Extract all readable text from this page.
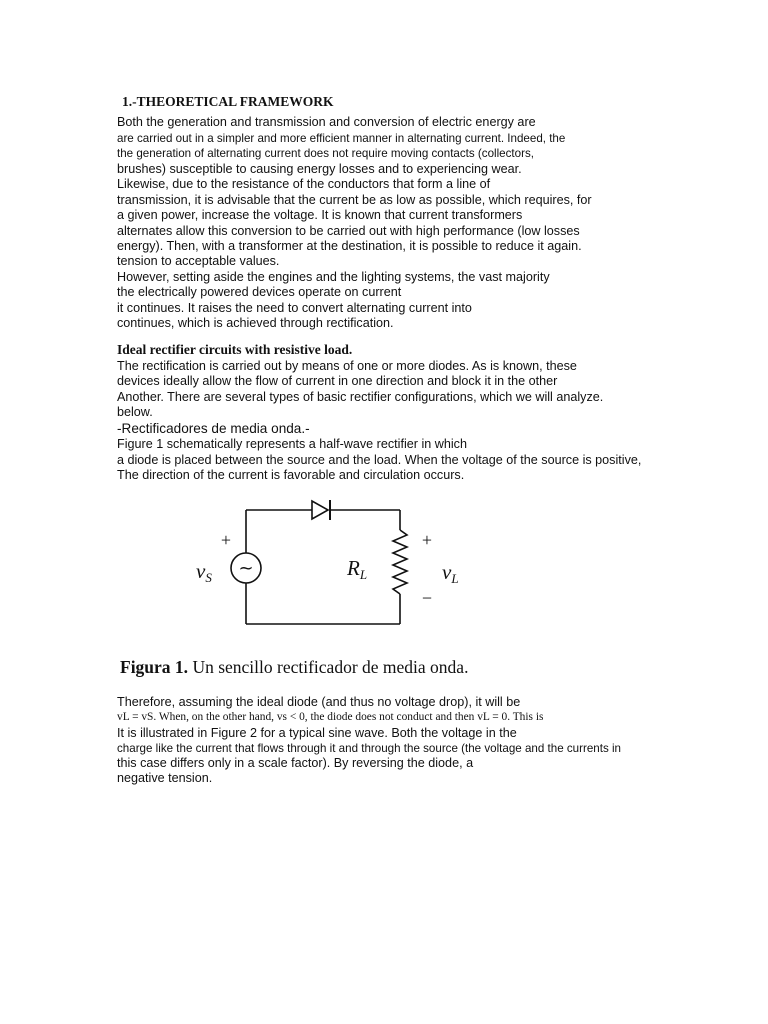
1.-THEORETICAL FRAMEWORK
Both the generation and transmission and conversion of electric energy are
are carried out in a simpler and more efficient manner in alternating current. Indeed, the
the generation of alternating current does not require moving contacts (collectors,
brushes) susceptible to causing energy losses and to experiencing wear.
Likewise, due to the resistance of the conductors that form a line of
transmission, it is advisable that the current be as low as possible, which requires, for
a given power, increase the voltage. It is known that current transformers
alternates allow this conversion to be carried out with high performance (low losses
energy). Then, with a transformer at the destination, it is possible to reduce it again.
tension to acceptable values.
However, setting aside the engines and the lighting systems, the vast majority
the electrically powered devices operate on current
it continues. It raises the need to convert alternating current into
continues, which is achieved through rectification.
Ideal rectifier circuits with resistive load.
The rectification is carried out by means of one or more diodes. As is known, these
devices ideally allow the flow of current in one direction and block it in the other
Another. There are several types of basic rectifier configurations, which we will analyze.
below.
-Rectificadores de media onda.-
Figure 1 schematically represents a half-wave rectifier in which
a diode is placed between the source and the load. When the voltage of the source is positive,
The direction of the current is favorable and circulation occurs.
~
+
vS	RL
+
vL
−
Figura 1. Un sencillo rectificador de media onda.
Therefore, assuming the ideal diode (and thus no voltage drop), it will be
vL = vS. When, on the other hand, vs < 0, the diode does not conduct and then vL = 0. This is
It is illustrated in Figure 2 for a typical sine wave. Both the voltage in the
charge like the current that flows through it and through the source (the voltage and the currents in
this case differs only in a scale factor). By reversing the diode, a
negative tension.
